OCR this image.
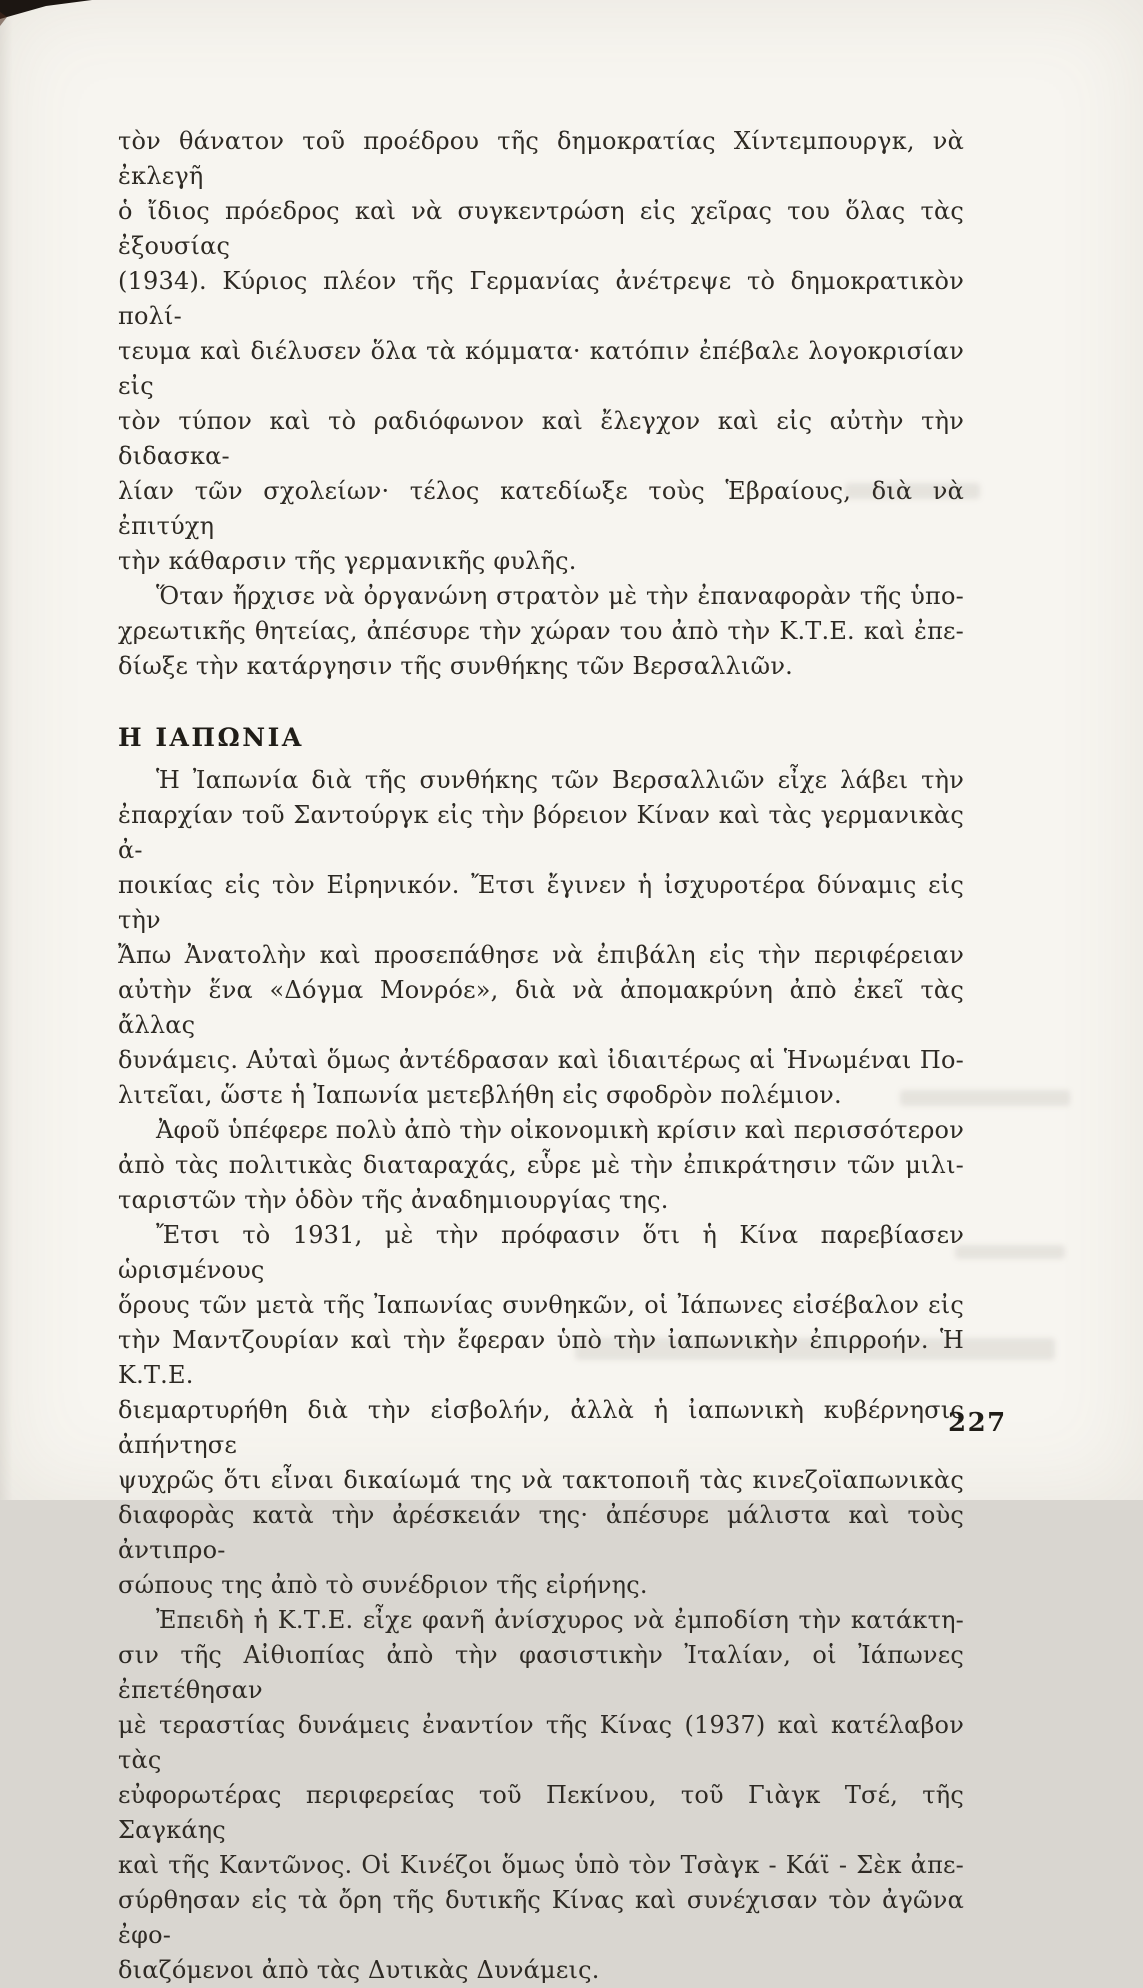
τὸν θάνατον τοῦ προέδρου τῆς δημοκρατίας Χίντεμπουργκ, νὰ ἐκλεγῆ
ὁ ἴδιος πρόεδρος καὶ νὰ συγκεντρώση εἰς χεῖρας του ὅλας τὰς ἐξουσίας
(1934). Κύριος πλέον τῆς Γερμανίας ἀνέτρεψε τὸ δημοκρατικὸν πολί-
τευμα καὶ διέλυσεν ὅλα τὰ κόμματα· κατόπιν ἐπέβαλε λογοκρισίαν εἰς
τὸν τύπον καὶ τὸ ραδιόφωνον καὶ ἔλεγχον καὶ εἰς αὐτὴν τὴν διδασκα-
λίαν τῶν σχολείων· τέλος κατεδίωξε τοὺς Ἑβραίους, διὰ νὰ ἐπιτύχη
τὴν κάθαρσιν τῆς γερμανικῆς φυλῆς.
Ὅταν ἤρχισε νὰ ὀργανώνη στρατὸν μὲ τὴν ἐπαναφορὰν τῆς ὑπο-
χρεωτικῆς θητείας, ἀπέσυρε τὴν χώραν του ἀπὸ τὴν Κ.Τ.Ε. καὶ ἐπε-
δίωξε τὴν κατάργησιν τῆς συνθήκης τῶν Βερσαλλιῶν.
Η ΙΑΠΩΝΙΑ
Ἡ Ἰαπωνία διὰ τῆς συνθήκης τῶν Βερσαλλιῶν εἶχε λάβει τὴν
ἐπαρχίαν τοῦ Σαντούργκ εἰς τὴν βόρειον Κίναν καὶ τὰς γερμανικὰς ἀ-
ποικίας εἰς τὸν Εἰρηνικόν. Ἔτσι ἔγινεν ἡ ἰσχυροτέρα δύναμις εἰς τὴν
Ἄπω Ἀνατολὴν καὶ προσεπάθησε νὰ ἐπιβάλη εἰς τὴν περιφέρειαν
αὐτὴν ἕνα «Δόγμα Μονρόε», διὰ νὰ ἀπομακρύνη ἀπὸ ἐκεῖ τὰς ἄλλας
δυνάμεις. Αὐταὶ ὅμως ἀντέδρασαν καὶ ἰδιαιτέρως αἱ Ἡνωμέναι Πο-
λιτεῖαι, ὥστε ἡ Ἰαπωνία μετεβλήθη εἰς σφοδρὸν πολέμιον.
Ἀφοῦ ὑπέφερε πολὺ ἀπὸ τὴν οἰκονομικὴ κρίσιν καὶ περισσότερον
ἀπὸ τὰς πολιτικὰς διαταραχάς, εὗρε μὲ τὴν ἐπικράτησιν τῶν μιλι-
ταριστῶν τὴν ὁδὸν τῆς ἀναδημιουργίας της.
Ἔτσι τὸ 1931, μὲ τὴν πρόφασιν ὅτι ἡ Κίνα παρεβίασεν ὡρισμένους
ὅρους τῶν μετὰ τῆς Ἰαπωνίας συνθηκῶν, οἱ Ἰάπωνες εἰσέβαλον εἰς
τὴν Μαντζουρίαν καὶ τὴν ἔφεραν ὑπὸ τὴν ἰαπωνικὴν ἐπιρροήν. Ἡ Κ.Τ.Ε.
διεμαρτυρήθη διὰ τὴν εἰσβολήν, ἀλλὰ ἡ ἰαπωνικὴ κυβέρνησις ἀπήντησε
ψυχρῶς ὅτι εἶναι δικαίωμά της νὰ τακτοποιῆ τὰς κινεζοϊαπωνικὰς
διαφορὰς κατὰ τὴν ἀρέσκειάν της· ἀπέσυρε μάλιστα καὶ τοὺς ἀντιπρο-
σώπους της ἀπὸ τὸ συνέδριον τῆς εἰρήνης.
Ἐπειδὴ ἡ Κ.Τ.Ε. εἶχε φανῆ ἀνίσχυρος νὰ ἐμποδίση τὴν κατάκτη-
σιν τῆς Αἰθιοπίας ἀπὸ τὴν φασιστικὴν Ἰταλίαν, οἱ Ἰάπωνες ἐπετέθησαν
μὲ τεραστίας δυνάμεις ἐναντίον τῆς Κίνας (1937) καὶ κατέλαβον τὰς
εὐφορωτέρας περιφερείας τοῦ Πεκίνου, τοῦ Γιὰγκ Τσέ, τῆς Σαγκάης
καὶ τῆς Καντῶνος. Οἱ Κινέζοι ὅμως ὑπὸ τὸν Τσὰγκ - Κάϊ - Σὲκ ἀπε-
σύρθησαν εἰς τὰ ὄρη τῆς δυτικῆς Κίνας καὶ συνέχισαν τὸν ἀγῶνα ἐφο-
διαζόμενοι ἀπὸ τὰς Δυτικὰς Δυνάμεις.
227
